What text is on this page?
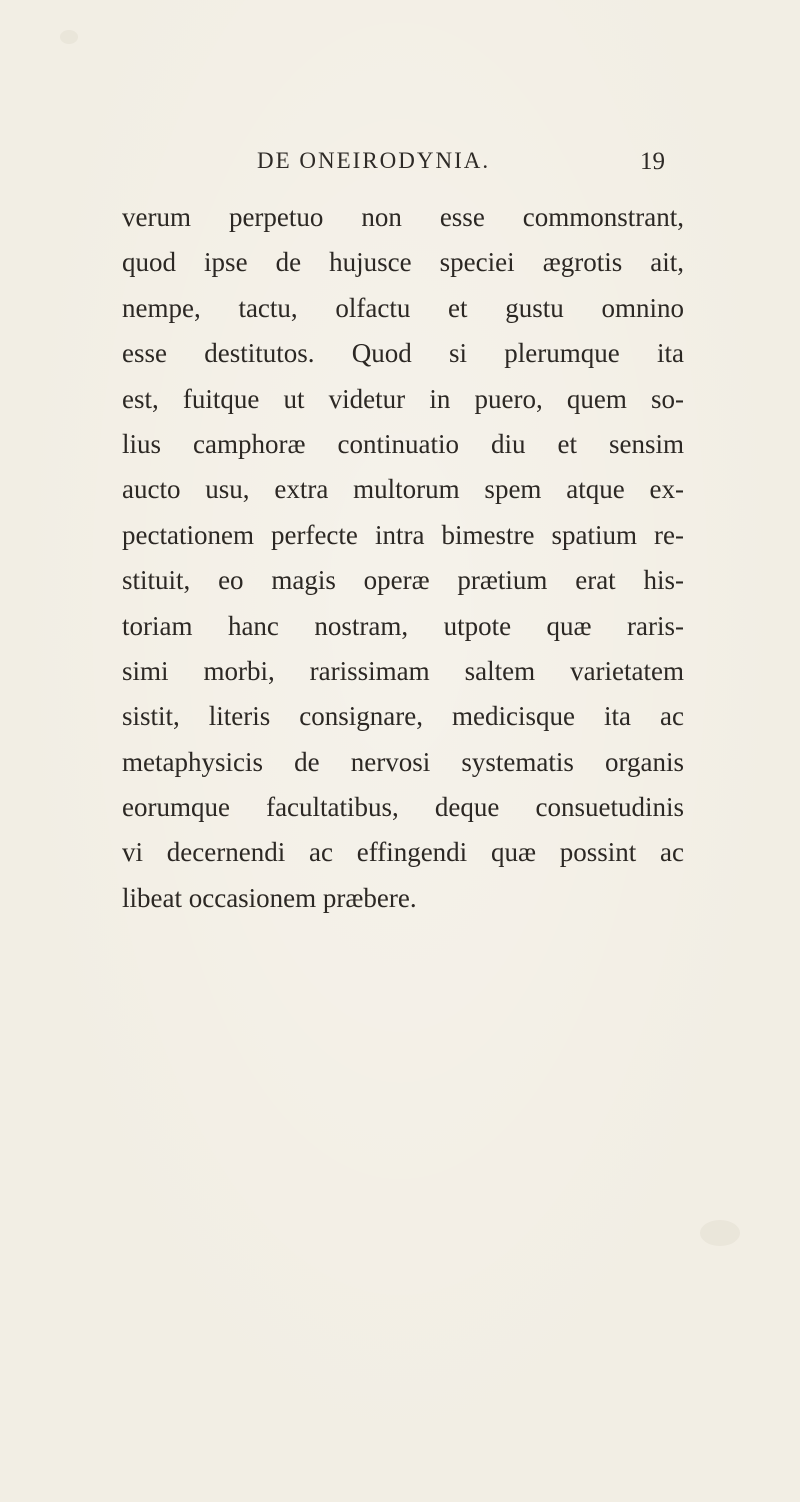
DE ONEIRODYNIA.	19
verum perpetuo non esse commonstrant,
quod ipse de hujusce speciei ægrotis ait,
nempe, tactu, olfactu et gustu omnino
esse destitutos. Quod si plerumque ita
est, fuitque ut videtur in puero, quem so-
lius camphoræ continuatio diu et sensim
aucto usu, extra multorum spem atque ex-
pectationem perfecte intra bimestre spatium re-
stituit, eo magis operæ prætium erat his-
toriam hanc nostram, utpote quæ raris-
simi morbi, rarissimam saltem varietatem
sistit, literis consignare, medicisque ita ac
metaphysicis de nervosi systematis organis
eorumque facultatibus, deque consuetudinis
vi decernendi ac effingendi quæ possint ac
libeat occasionem præbere.
